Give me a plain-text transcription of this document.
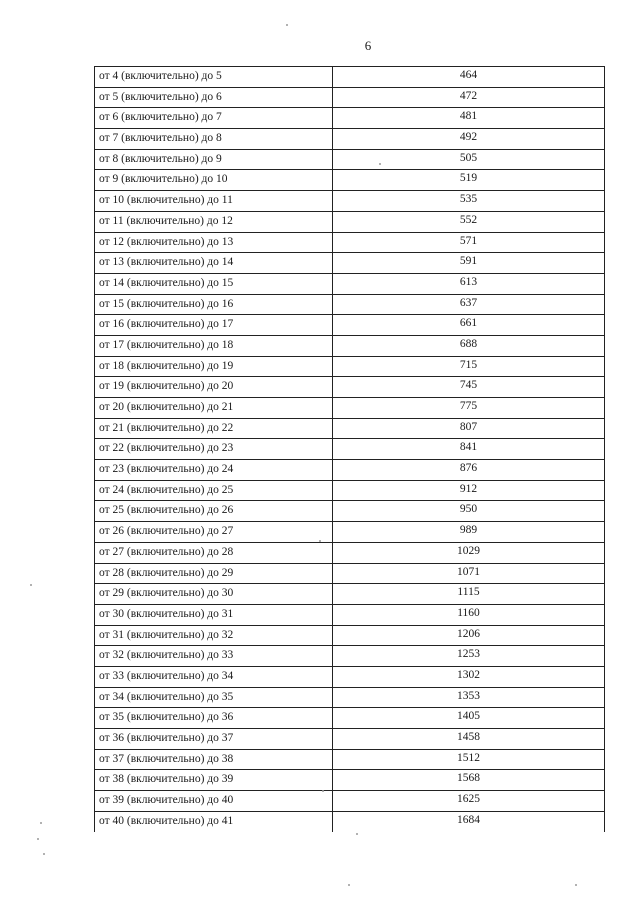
6
от 4 (включительно) до 5	464
от 5 (включительно) до 6	472
от 6 (включительно) до 7	481
от 7 (включительно) до 8	492
от 8 (включительно) до 9	505
от 9 (включительно) до 10	519
от 10 (включительно) до 11	535
от 11 (включительно) до 12	552
от 12 (включительно) до 13	571
от 13 (включительно) до 14	591
от 14 (включительно) до 15	613
от 15 (включительно) до 16	637
от 16 (включительно) до 17	661
от 17 (включительно) до 18	688
от 18 (включительно) до 19	715
от 19 (включительно) до 20	745
от 20 (включительно) до 21	775
от 21 (включительно) до 22	807
от 22 (включительно) до 23	841
от 23 (включительно) до 24	876
от 24 (включительно) до 25	912
от 25 (включительно) до 26	950
от 26 (включительно) до 27	989
от 27 (включительно) до 28	1029
от 28 (включительно) до 29	1071
от 29 (включительно) до 30	1115
от 30 (включительно) до 31	1160
от 31 (включительно) до 32	1206
от 32 (включительно) до 33	1253
от 33 (включительно) до 34	1302
от 34 (включительно) до 35	1353
от 35 (включительно) до 36	1405
от 36 (включительно) до 37	1458
от 37 (включительно) до 38	1512
от 38 (включительно) до 39	1568
от 39 (включительно) до 40	1625
от 40 (включительно) до 41	1684
